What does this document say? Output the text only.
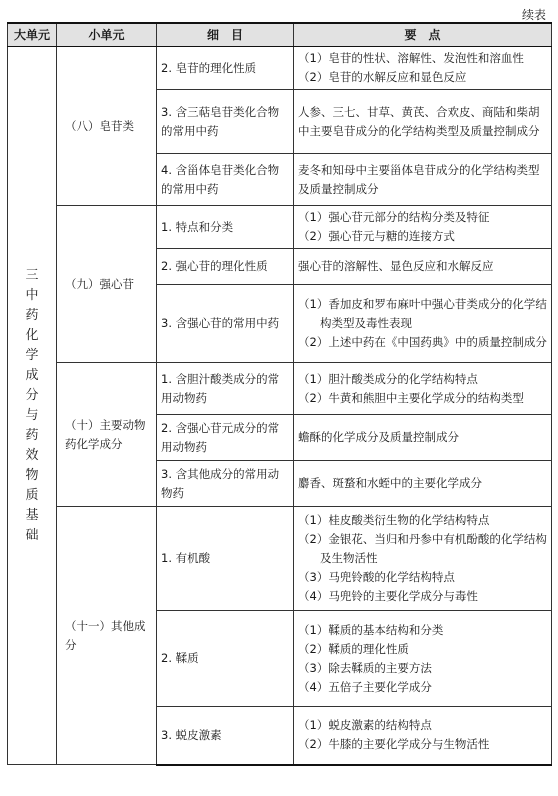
续表
大单元	小单元	细　目	要　点
三 中药化学成分与药效物质基础	（八）皂苷类	2. 皂苷的理化性质	（1）皂苷的性状、溶解性、发泡性和溶血性
（2）皂苷的水解反应和显色反应

		3. 含三萜皂苷类化合物的常用中药	人参、三七、甘草、黄芪、合欢皮、商陆和柴胡中主要皂苷成分的化学结构类型及质量控制成分

		4. 含甾体皂苷类化合物的常用中药	麦冬和知母中主要甾体皂苷成分的化学结构类型及质量控制成分

	（九）强心苷	1. 特点和分类	（1）强心苷元部分的结构分类及特征
（2）强心苷元与糖的连接方式

		2. 强心苷的理化性质	强心苷的溶解性、显色反应和水解反应

		3. 含强心苷的常用中药	（1）香加皮和罗布麻叶中强心苷类成分的化学结构类型及毒性表现
（2）上述中药在《中国药典》中的质量控制成分

	（十）主要动物药化学成分	1. 含胆汁酸类成分的常用动物药	（1）胆汁酸类成分的化学结构特点
（2）牛黄和熊胆中主要化学成分的结构类型

		2. 含强心苷元成分的常用动物药	蟾酥的化学成分及质量控制成分

		3. 含其他成分的常用动物药	麝香、斑蝥和水蛭中的主要化学成分

	（十一）其他成分	1. 有机酸	（1）桂皮酸类衍生物的化学结构特点
（2）金银花、当归和丹参中有机酚酸的化学结构及生物活性
（3）马兜铃酸的化学结构特点
（4）马兜铃的主要化学成分与毒性

		2. 鞣质	（1）鞣质的基本结构和分类
（2）鞣质的理化性质
（3）除去鞣质的主要方法
（4）五倍子主要化学成分

		3. 蜕皮激素	（1）蜕皮激素的结构特点
（2）牛膝的主要化学成分与生物活性
